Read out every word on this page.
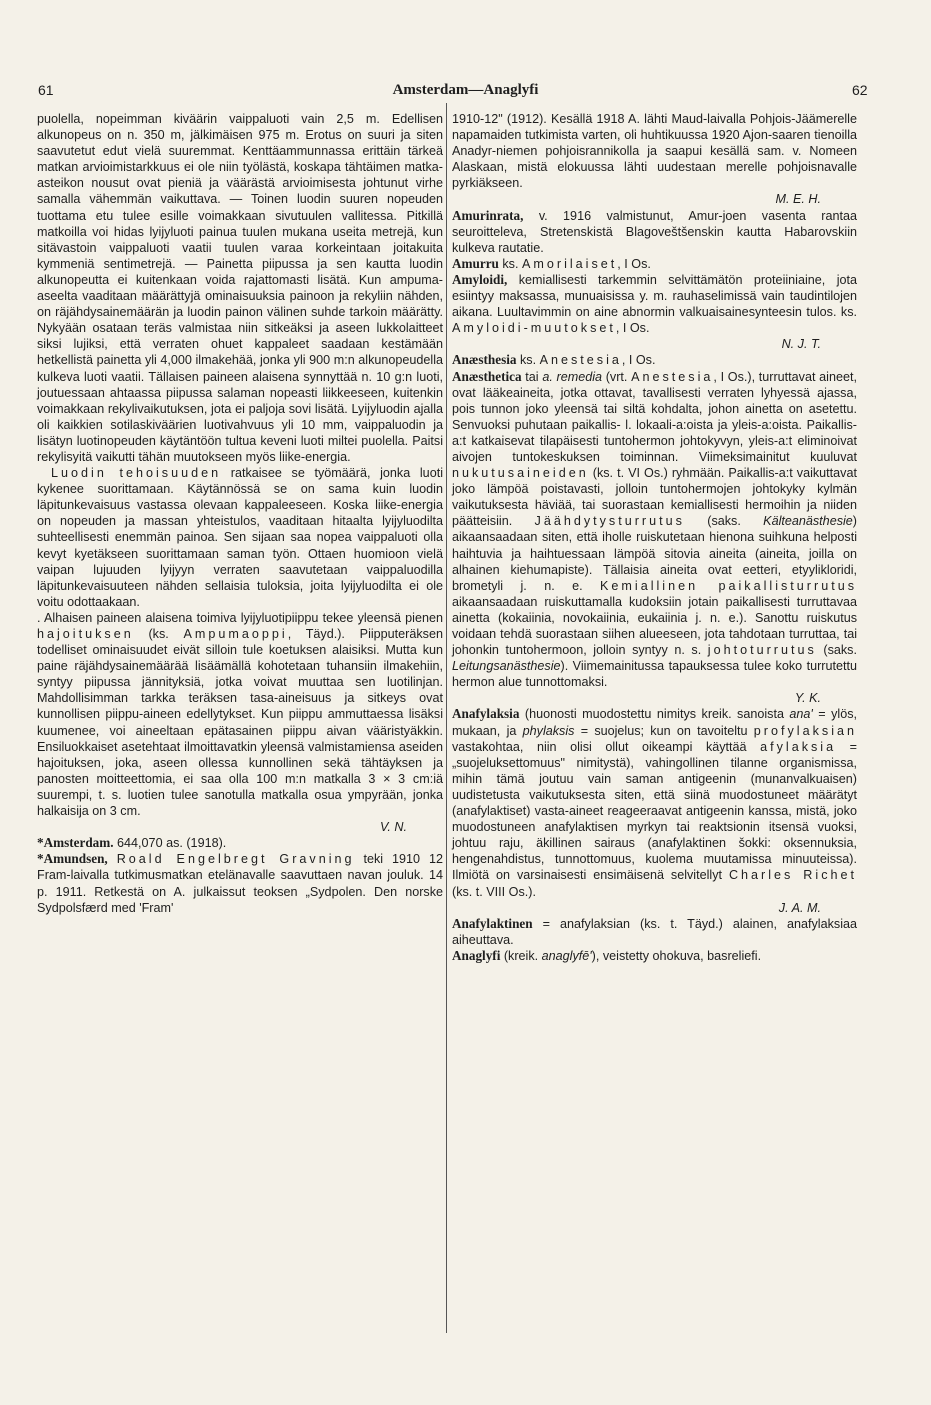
61	Amsterdam—Anaglyfi	62

puolella, nopeimman kiväärin vaippaluoti vain 2,5 m. Edellisen alkunopeus on n. 350 m, jälkimäisen 975 m. Erotus on suuri ja siten saavutetut edut vielä suuremmat. Kenttäammunnassa erittäin tärkeä matkan arvioimistarkkuus ei ole niin työlästä, koskapa tähtäimen matka-asteikon nousut ovat pieniä ja väärästä arvioimisesta johtunut virhe samalla vähemmän vaikuttava. — Toinen luodin suuren nopeuden tuottama etu tulee esille voimakkaan sivutuulen vallitessa. Pitkillä matkoilla voi hidas lyijyluoti painua tuulen mukana useita metrejä, kun sitävastoin vaippaluoti vaatii tuulen varaa korkeintaan joitakuita kymmeniä sentimetrejä. — Painetta piipussa ja sen kautta luodin alkunopeutta ei kuitenkaan voida rajattomasti lisätä. Kun ampuma-aseelta vaaditaan määrättyjä ominaisuuksia painoon ja rekyliin nähden, on räjähdysainemäärän ja luodin painon välinen suhde tarkoin määrätty. Nykyään osataan teräs valmistaa niin sitkeäksi ja aseen lukkolaitteet siksi lujiksi, että verraten ohuet kappaleet saadaan kestämään hetkellistä painetta yli 4,000 ilmakehää, jonka yli 900 m:n alkunopeudella kulkeva luoti vaatii. Tällaisen paineen alaisena synnyttää n. 10 g:n luoti, joutuessaan ahtaassa piipussa salaman nopeasti liikkeeseen, kuitenkin voimakkaan rekylivaikutuksen, jota ei paljoja sovi lisätä. Lyijyluodin ajalla oli kaikkien sotilaskiväärien luotivahvuus yli 10 mm, vaippaluodin ja lisätyn luotinopeuden käytäntöön tultua keveni luoti miltei puolella. Paitsi rekylisyitä vaikutti tähän muutokseen myös liike-energia.

Luodin tehoisuuden ratkaisee se työmäärä, jonka luoti kykenee suorittamaan. Käytännössä se on sama kuin luodin läpitunkevaisuus vastassa olevaan kappaleeseen. Koska liike-energia on nopeuden ja massan yhteistulos, vaaditaan hitaalta lyijyluodilta suhteellisesti enemmän painoa. Sen sijaan saa nopea vaippaluoti olla kevyt kyetäkseen suorittamaan saman työn. Ottaen huomioon vielä vaipan lujuuden lyijyyn verraten saavutetaan vaippaluodilla läpitunkevaisuuteen nähden sellaisia tuloksia, joita lyijyluodilta ei ole voitu odottaakaan.

. Alhaisen paineen alaisena toimiva lyijyluotipiippu tekee yleensä pienen hajoituksen (ks. Ampumaoppi, Täyd.). Piipputeräksen todelliset ominaisuudet eivät silloin tule koetuksen alaisiksi. Mutta kun paine räjähdysainemäärää lisäämällä kohotetaan tuhansiin ilmakehiin, syntyy piipussa jännityksiä, jotka voivat muuttaa sen luotilinjan. Mahdollisimman tarkka teräksen tasa-aineisuus ja sitkeys ovat kunnollisen piippu-aineen edellytykset. Kun piippu ammuttaessa lisäksi kuumenee, voi aineeltaan epätasainen piippu aivan vääristyäkkin. Ensiluokkaiset asetehtaat ilmoittavatkin yleensä valmistamiensa aseiden hajoituksen, joka, aseen ollessa kunnollinen sekä tähtäyksen ja panosten moitteettomia, ei saa olla 100 m:n matkalla 3 × 3 cm:iä suurempi, t. s. luotien tulee sanotulla matkalla osua ympyrään, jonka halkaisija on 3 cm.
V. N.

*Amsterdam. 644,070 as. (1918).

*Amundsen, Roald Engelbregt Gravning teki 1910 12 Fram-laivalla tutkimusmatkan etelänavalle saavuttaen navan jouluk. 14 p. 1911. Retkestä on A. julkaissut teoksen „Sydpolen. Den norske Sydpolsfærd med 'Fram'

1910-12" (1912). Kesällä 1918 A. lähti Maud-laivalla Pohjois-Jäämerelle napamaiden tutkimista varten, oli huhtikuussa 1920 Ajon-saaren tienoilla Anadyr-niemen pohjoisrannikolla ja saapui kesällä sam. v. Nomeen Alaskaan, mistä elokuussa lähti uudestaan merelle pohjoisnavalle pyrkiäkseen.
M. E. H.

Amurinrata, v. 1916 valmistunut, Amur-joen vasenta rantaa seuroitteleva, Stretenskistä Blagoveštšenskin kautta Habarovskiin kulkeva rautatie.

Amurru ks. Amorilaiset, I Os.

Amyloidi, kemiallisesti tarkemmin selvittämätön proteiiniaine, jota esiintyy maksassa, munuaisissa y. m. rauhaselimissä vain taudintilojen aikana. Luultavimmin on aine abnormin valkuaisainesynteesin tulos. ks. Amyloidi-muutokset, I Os.
N. J. T.

Anæsthesia ks. Anestesia, I Os.

Anæsthetica tai a. remedia (vrt. Anestesia, I Os.), turruttavat aineet, ovat lääkeaineita, jotka ottavat, tavallisesti verraten lyhyessä ajassa, pois tunnon joko yleensä tai siltä kohdalta, johon ainetta on asetettu. Senvuoksi puhutaan paikallis- l. lokaali-a:oista ja yleis-a:oista. Paikallis-a:t katkaisevat tilapäisesti tuntohermon johtokyvyn, yleis-a:t eliminoivat aivojen tuntokeskuksen toiminnan. Viimeksimainitut kuuluvat nukutusaineiden (ks. t. VI Os.) ryhmään. Paikallis-a:t vaikuttavat joko lämpöä poistavasti, jolloin tuntohermojen johtokyky kylmän vaikutuksesta häviää, tai suorastaan kemiallisesti hermoihin ja niiden päätteisiin. Jäähdytysturrutus (saks. Kälteanästhesie) aikaansaadaan siten, että iholle ruiskutetaan hienona suihkuna helposti haihtuvia ja haihtuessaan lämpöä sitovia aineita (aineita, joilla on alhainen kiehumapiste). Tällaisia aineita ovat eetteri, etyylikloridi, brometyli j. n. e. Kemiallinen paikallisturrutus aikaansaadaan ruiskuttamalla kudoksiin jotain paikallisesti turruttavaa ainetta (kokaiinia, novokaiinia, eukaiinia j. n. e.). Sanottu ruiskutus voidaan tehdä suorastaan siihen alueeseen, jota tahdotaan turruttaa, tai johonkin tuntohermoon, jolloin syntyy n. s. johtoturrutus (saks. Leitungsanästhesie). Viimemainitussa tapauksessa tulee koko turrutettu hermon alue tunnottomaksi.
Y. K.

Anafylaksia (huonosti muodostettu nimitys kreik. sanoista ana' = ylös, mukaan, ja phylaksis = suojelus; kun on tavoiteltu profylaksian vastakohtaa, niin olisi ollut oikeampi käyttää afylaksia = „suojeluksettomuus" nimitystä), vahingollinen tilanne organismissa, mihin tämä joutuu vain saman antigeenin (munanvalkuaisen) uudistetusta vaikutuksesta siten, että siinä muodostuneet määrätyt (anafylaktiset) vasta-aineet reageeraavat antigeenin kanssa, mistä, joko muodostuneen anafylaktisen myrkyn tai reaktsionin itsensä vuoksi, johtuu raju, äkillinen sairaus (anafylaktinen šokki: oksennuksia, hengenahdistus, tunnottomuus, kuolema muutamissa minuuteissa). Ilmiötä on varsinaisesti ensimäisenä selvitellyt Charles Richet (ks. t. VIII Os.).
J. A. M.

Anafylaktinen = anafylaksian (ks. t. Täyd.) alainen, anafylaksiaa aiheuttava.

Anaglyfi (kreik. anaglyfē'), veistetty ohokuva, basrelieﬁ.
